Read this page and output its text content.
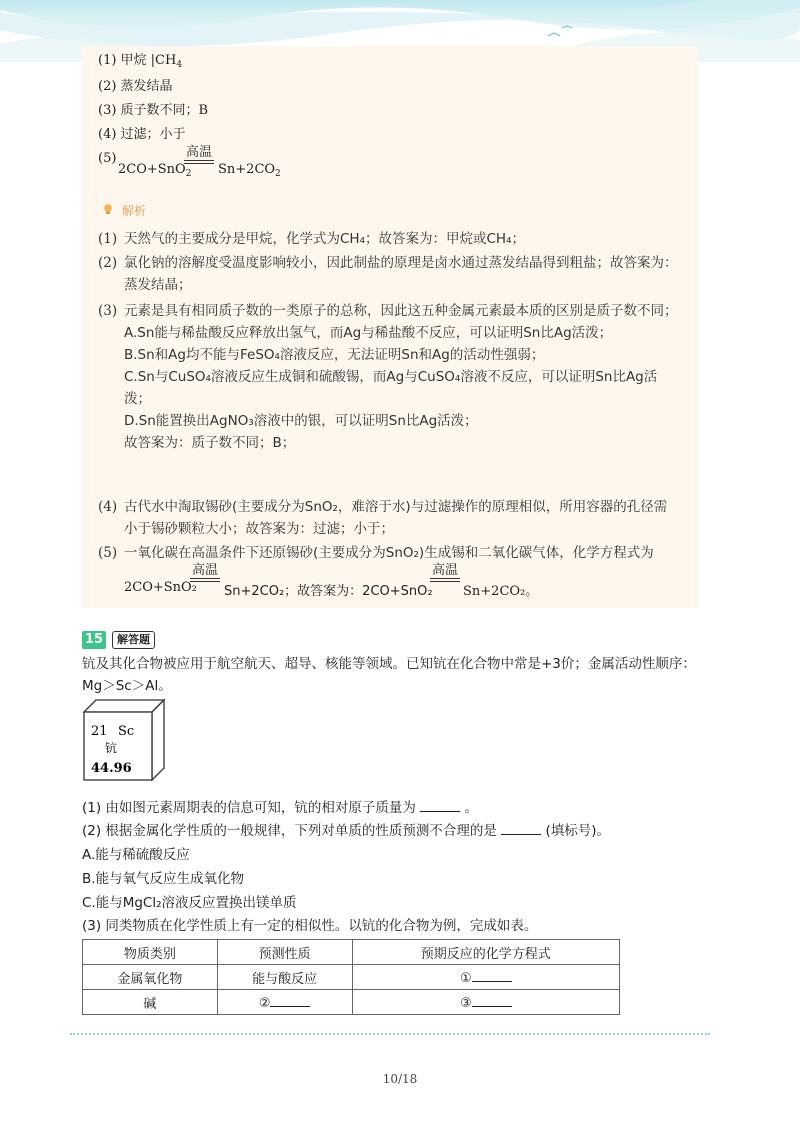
(1) 甲烷 $|CH_4$
(2) 蒸发结晶
(3) 质子数不同；B
(4) 过滤；小于
(5)
2CO+SnO$_2$
高温
$Sn+2CO_2$
解析
(1) 天然气的主要成分是甲烷，化学式为CH₄；故答案为：甲烷或CH₄；
(2) 氯化钠的溶解度受温度影响较小，因此制盐的原理是卤水通过蒸发结晶得到粗盐；故答案为：蒸发结晶；
(3) 元素是具有相同质子数的一类原子的总称，因此这五种金属元素最本质的区别是质子数不同；
A.Sn能与稀盐酸反应释放出氢气，而Ag与稀盐酸不反应，可以证明Sn比Ag活泼；
B.Sn和Ag均不能与FeSO₄溶液反应，无法证明Sn和Ag的活动性强弱；
C.Sn与CuSO₄溶液反应生成铜和硫酸锡，而Ag与CuSO₄溶液不反应，可以证明Sn比Ag活泼；
D.Sn能置换出AgNO₃溶液中的银，可以证明Sn比Ag活泼；
故答案为：质子数不同；B；
(4) 古代水中淘取锡砂(主要成分为SnO₂，难溶于水)与过滤操作的原理相似，所用容器的孔径需小于锡砂颗粒大小；故答案为：过滤；小于；
(5) 一氧化碳在高温条件下还原锡砂(主要成分为SnO₂)生成锡和二氧化碳气体，化学方程式为
2CO+SnO₂
高温
Sn+2CO₂；故答案为：2CO+SnO₂
高温
Sn+2CO₂。
15	解答题
钪及其化合物被应用于航空航天、超导、核能等领域。已知钪在化合物中常是+3价；金属活动性顺序：Mg＞Sc＞Al。
21 Sc
钪
44.96
(1) 由如图元素周期表的信息可知，钪的相对原子质量为	。
(2) 根据金属化学性质的一般规律，下列对单质的性质预测不合理的是	(填标号)。
A.能与稀硫酸反应
B.能与氧气反应生成氧化物
C.能与MgCl₂溶液反应置换出镁单质
(3) 同类物质在化学性质上有一定的相似性。以钪的化合物为例，完成如表。
物质类别	预测性质	预期反应的化学方程式
金属氧化物	能与酸反应	①
碱	②	③
10/18
